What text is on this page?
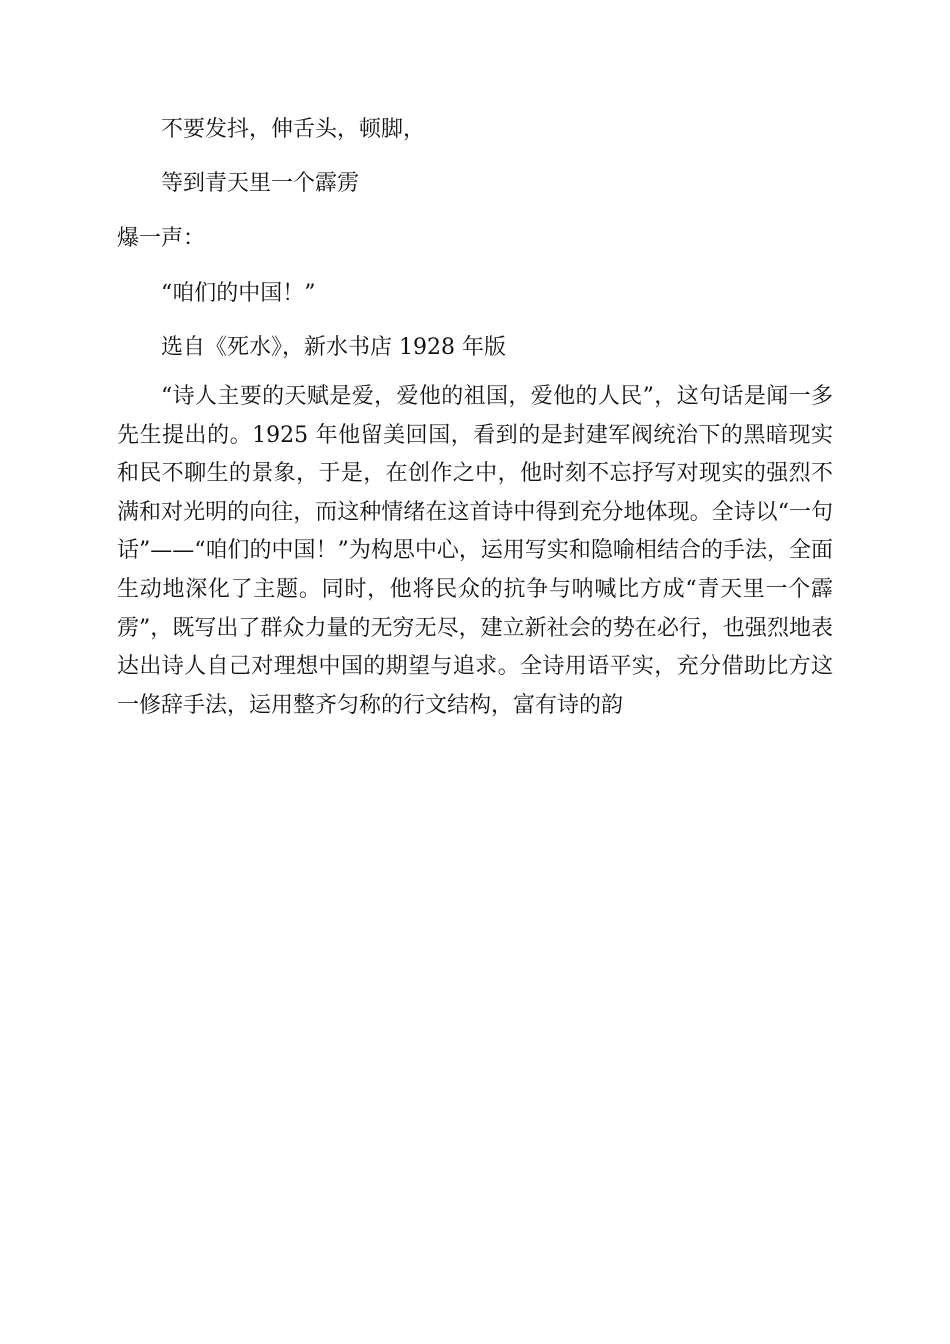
不要发抖，伸舌头，顿脚，
等到青天里一个霹雳
爆一声：
“咱们的中国！”
选自《死水》，新水书店 1928 年版

“诗人主要的天赋是爱，爱他的祖国，爱他的人民”，这句话是闻一多先生提出的。1925 年他留美回国，看到的是封建军阀统治下的黑暗现实和民不聊生的景象，于是，在创作之中，他时刻不忘抒写对现实的强烈不满和对光明的向往，而这种情绪在这首诗中得到充分地体现。全诗以“一句话”——“咱们的中国！”为构思中心，运用写实和隐喻相结合的手法，全面生动地深化了主题。同时，他将民众的抗争与呐喊比方成“青天里一个霹雳”，既写出了群众力量的无穷无尽，建立新社会的势在必行，也强烈地表达出诗人自己对理想中国的期望与追求。全诗用语平实，充分借助比方这一修辞手法，运用整齐匀称的行文结构，富有诗的韵
